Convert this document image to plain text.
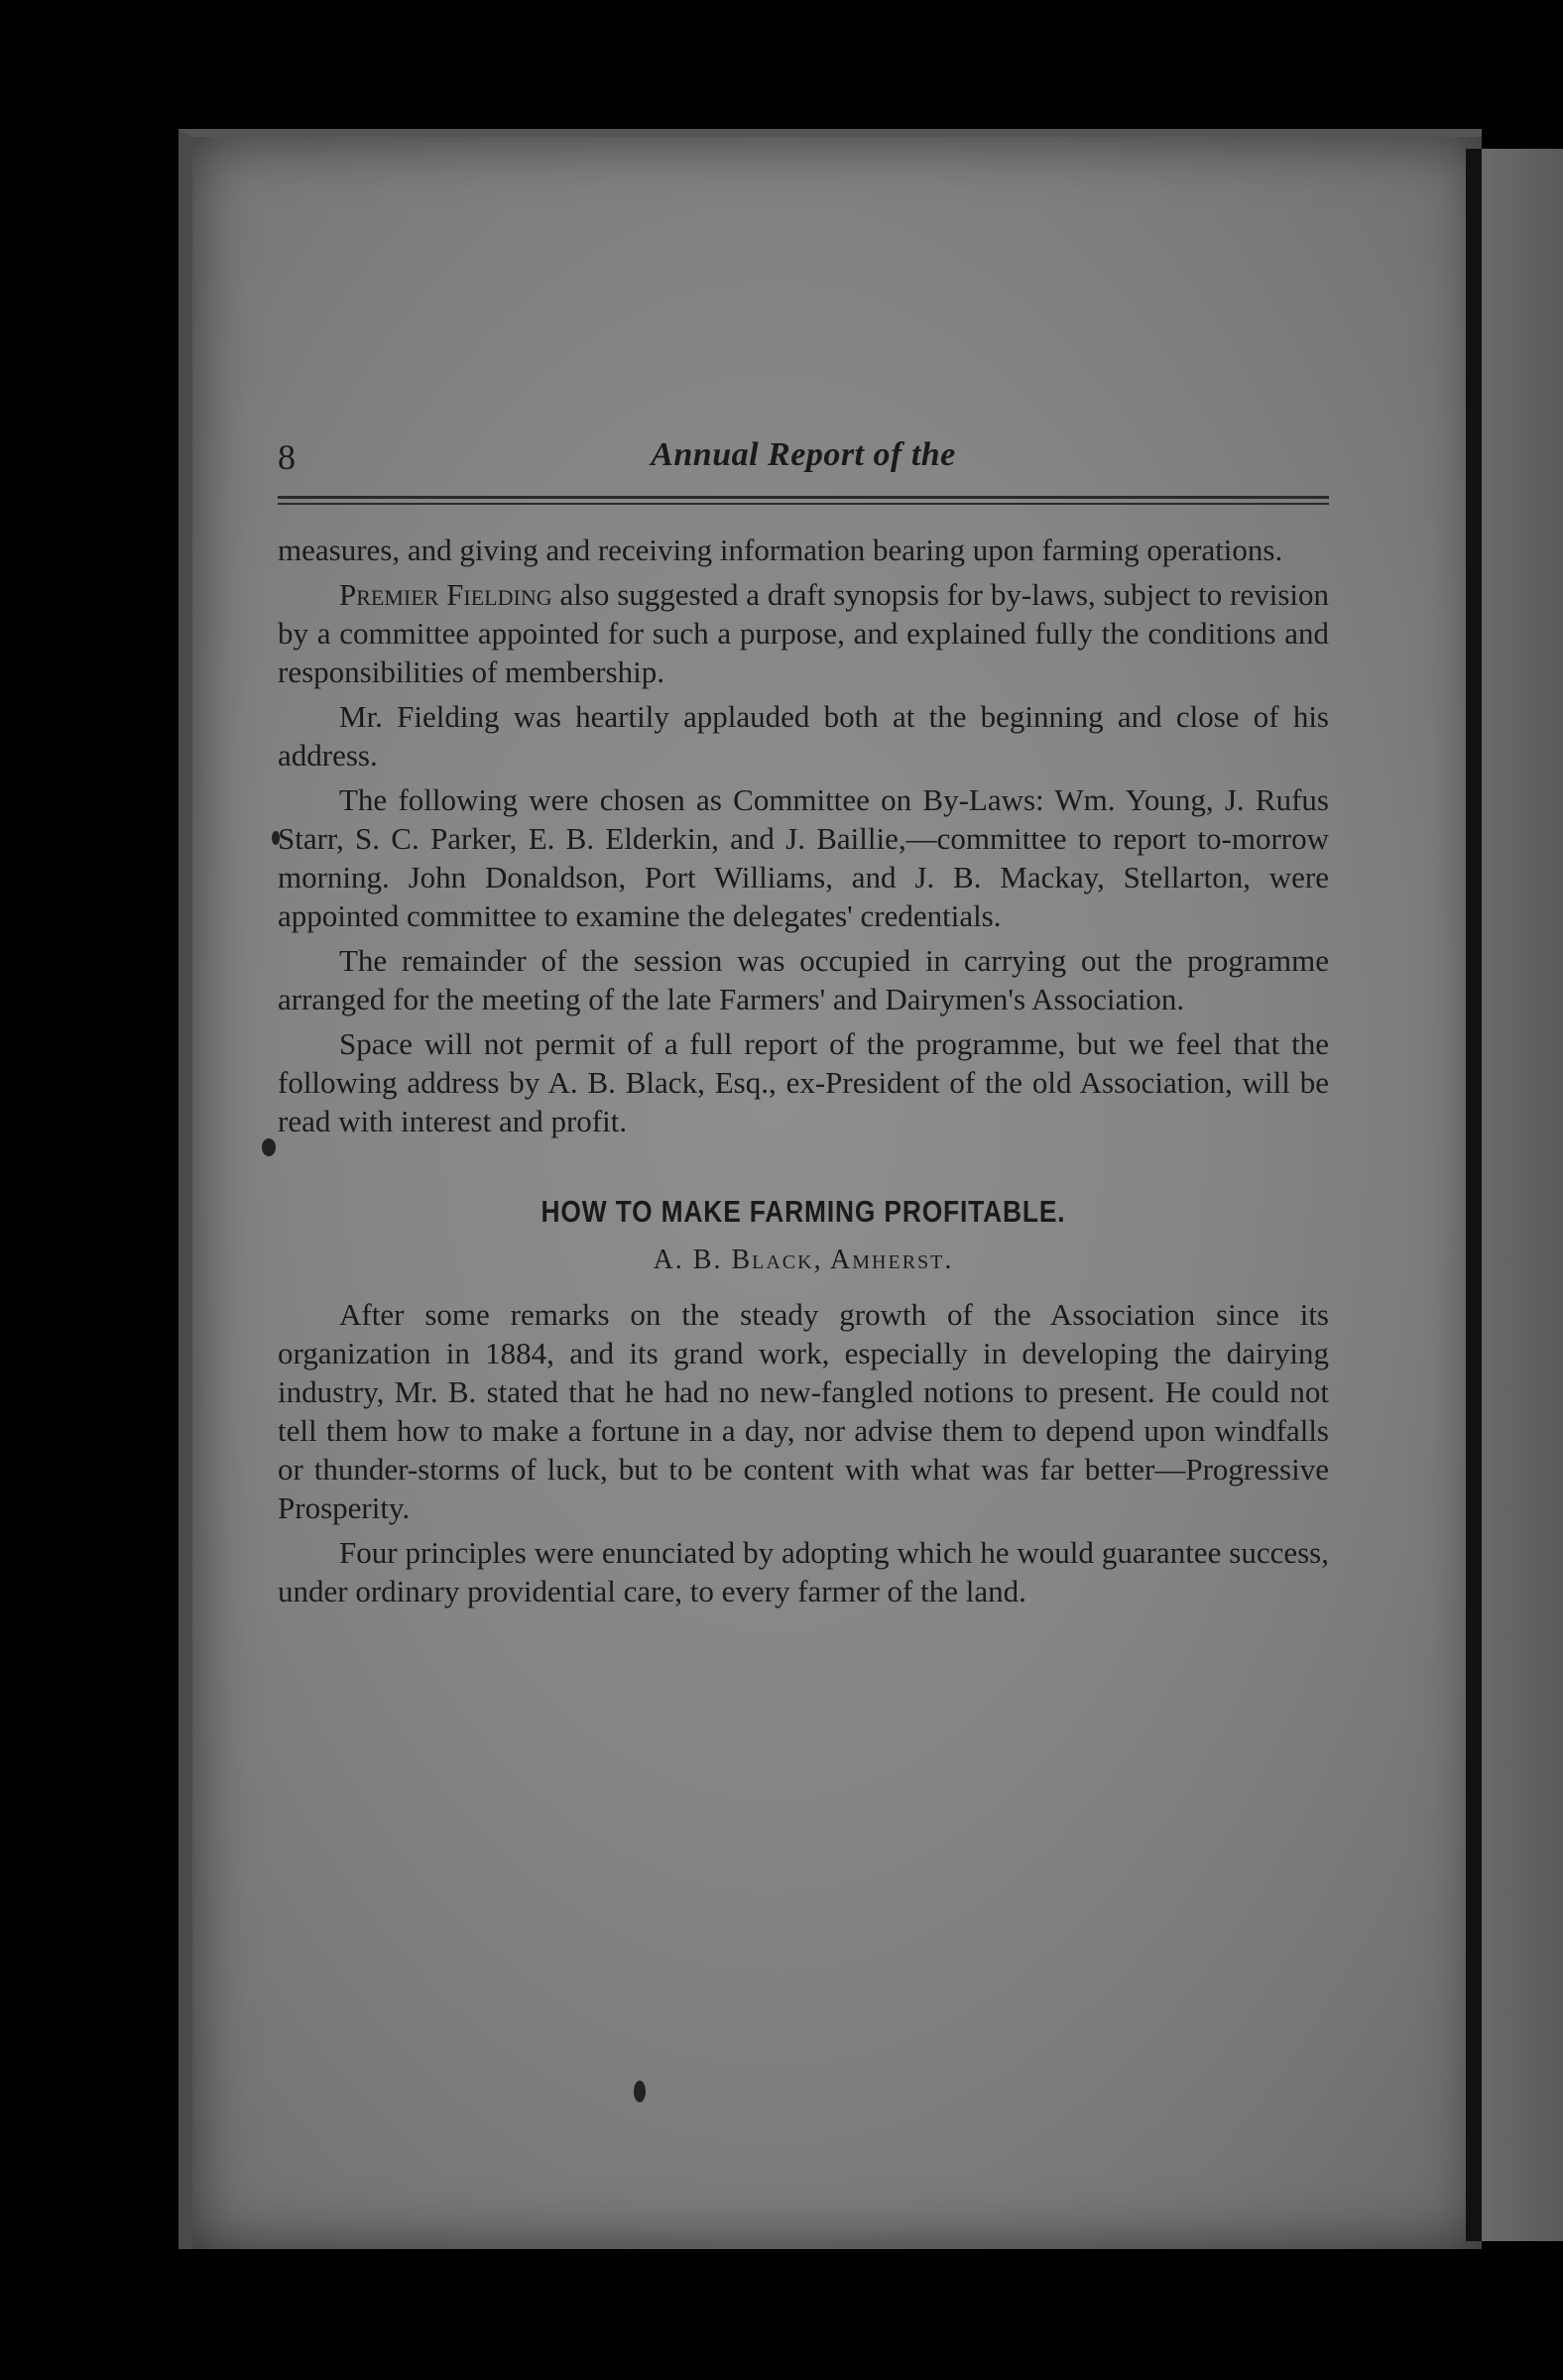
8	Annual Report of the

measures, and giving and receiving information bearing upon farming operations.

Premier Fielding also suggested a draft synopsis for by-laws, subject to revision by a committee appointed for such a purpose, and explained fully the conditions and responsibilities of membership.

Mr. Fielding was heartily applauded both at the beginning and close of his address.

The following were chosen as Committee on By-Laws: Wm. Young, J. Rufus Starr, S. C. Parker, E. B. Elderkin, and J. Baillie,—committee to report to-morrow morning. John Donaldson, Port Williams, and J. B. Mackay, Stellarton, were appointed committee to examine the delegates' credentials.

The remainder of the session was occupied in carrying out the programme arranged for the meeting of the late Farmers' and Dairymen's Association.

Space will not permit of a full report of the programme, but we feel that the following address by A. B. Black, Esq., ex-President of the old Association, will be read with interest and profit.

HOW TO MAKE FARMING PROFITABLE.
A. B. Black, Amherst.

After some remarks on the steady growth of the Association since its organization in 1884, and its grand work, especially in developing the dairying industry, Mr. B. stated that he had no new-fangled notions to present. He could not tell them how to make a fortune in a day, nor advise them to depend upon windfalls or thunder-storms of luck, but to be content with what was far better—Progressive Prosperity.

Four principles were enunciated by adopting which he would guarantee success, under ordinary providential care, to every farmer of the land.
